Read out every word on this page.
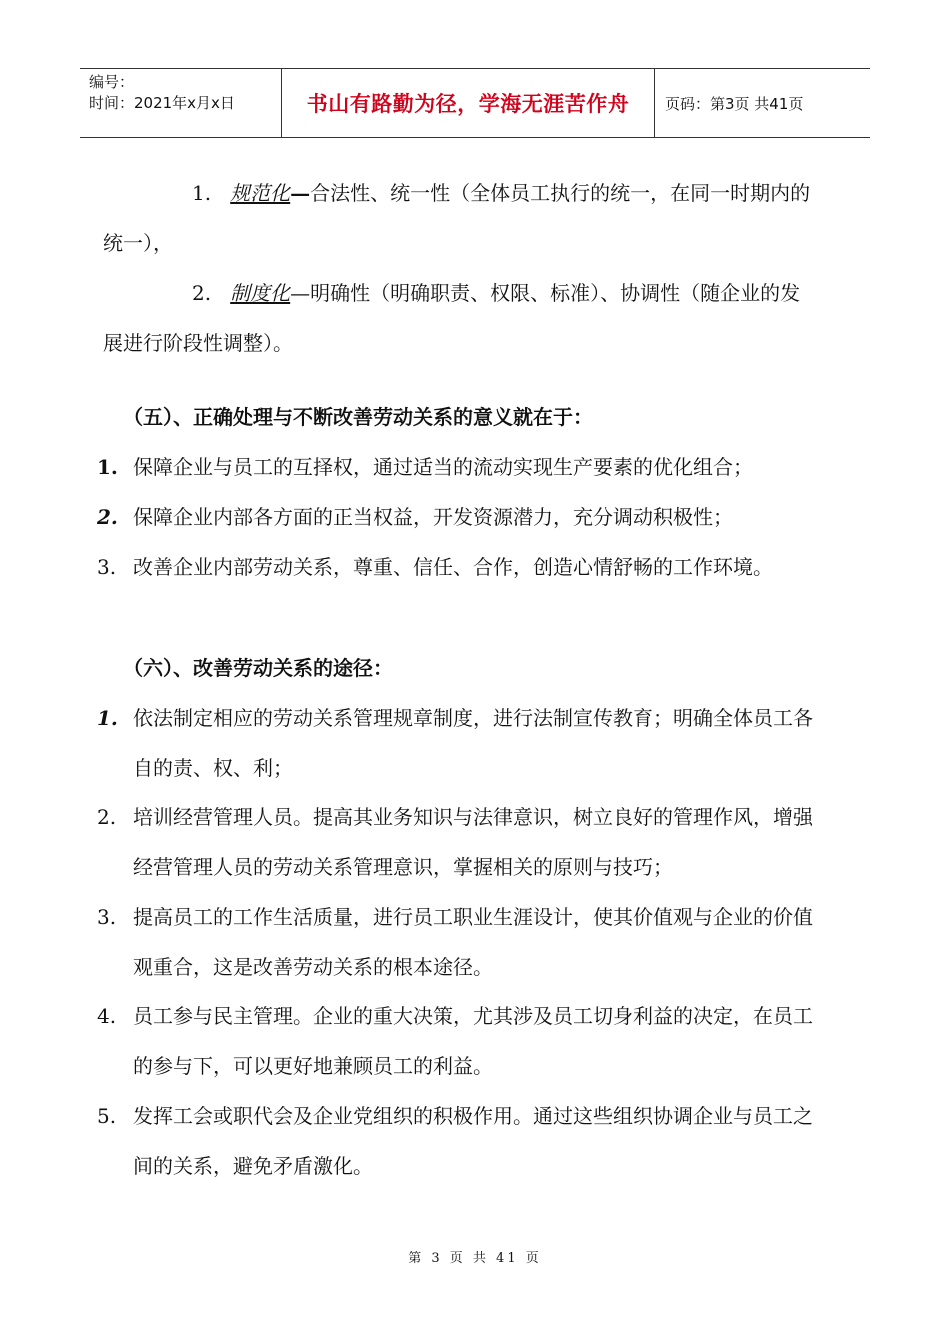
编号：
时间：2021年x月x日	书山有路勤为径，学海无涯苦作舟	页码：第3页 共41页
1. 规范化—合法性、统一性（全体员工执行的统一，在同一时期内的
统一），
2. 制度化—明确性（明确职责、权限、标准）、协调性（随企业的发
展进行阶段性调整）。
（五）、正确处理与不断改善劳动关系的意义就在于：
1. 保障企业与员工的互择权，通过适当的流动实现生产要素的优化组合；
2. 保障企业内部各方面的正当权益，开发资源潜力，充分调动积极性；
3. 改善企业内部劳动关系，尊重、信任、合作，创造心情舒畅的工作环境。
（六）、改善劳动关系的途径：
1. 依法制定相应的劳动关系管理规章制度，进行法制宣传教育；明确全体员工各
自的责、权、利；
2. 培训经营管理人员。提高其业务知识与法律意识，树立良好的管理作风，增强
经营管理人员的劳动关系管理意识，掌握相关的原则与技巧；
3. 提高员工的工作生活质量，进行员工职业生涯设计，使其价值观与企业的价值
观重合，这是改善劳动关系的根本途径。
4. 员工参与民主管理。企业的重大决策，尤其涉及员工切身利益的决定，在员工
的参与下，可以更好地兼顾员工的利益。
5. 发挥工会或职代会及企业党组织的积极作用。通过这些组织协调企业与员工之
间的关系，避免矛盾激化。
第 3 页 共 41 页
